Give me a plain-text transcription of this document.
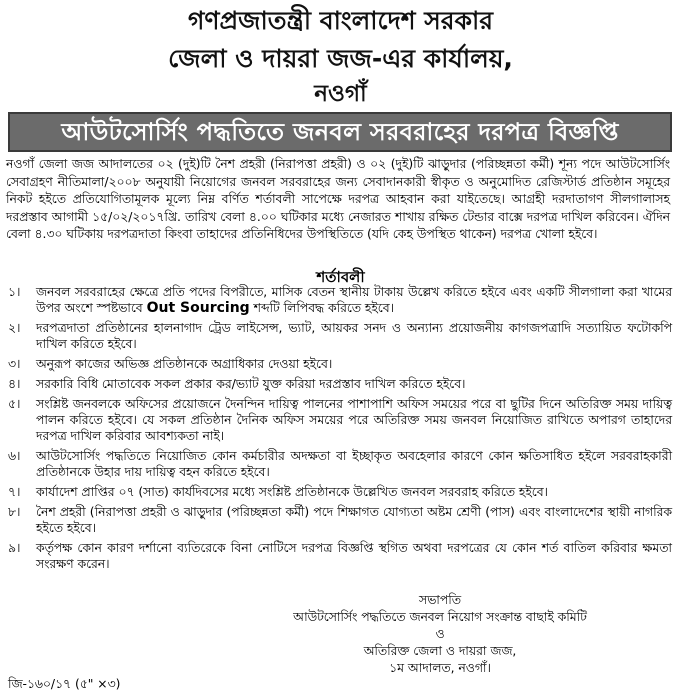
গণপ্রজাতন্ত্রী বাংলাদেশ সরকার
জেলা ও দায়রা জজ-এর কার্যালয়,
নওগাঁ
আউটসোর্সিং পদ্ধতিতে জনবল সরবরাহের দরপত্র বিজ্ঞপ্তি
নওগাঁ জেলা জজ আদালতের ০২ (দুই)টি নৈশ প্রহরী (নিরাপত্তা প্রহরী) ও ০২ (দুই)টি ঝাড়ুদার (পরিচ্ছন্নতা কর্মী) শূন্য পদে আউটসোর্সিং সেবাগ্রহণ নীতিমালা/২০০৮ অনুযায়ী নিয়োগের জনবল সরবরাহের জন্য সেবাদানকারী স্বীকৃত ও অনুমোদিত রেজিস্টার্ড প্রতিষ্ঠান সমূহের নিকট হইতে প্রতিযোগিতামূলক মূল্যে নিম্ন বর্ণিত শর্তাবলী সাপেক্ষে দরপত্র আহবান করা যাইতেছে। আগ্রহী দরদাতাগণ সীলগালাসহ দরপ্রস্তাব আগামী ১৫/০২/২০১৭খ্রি. তারিখ বেলা ৪.০০ ঘটিকার মধ্যে নেজারত শাখায় রক্ষিত টেন্ডার বাক্সে দরপত্র দাখিল করিবেন। ঐদিন বেলা ৪.৩০ ঘটিকায় দরপত্রদাতা কিংবা তাহাদের প্রতিনিধিদের উপস্থিতিতে (যদি কেহ উপস্থিত থাকেন) দরপত্র খোলা হইবে।
শর্তাবলী
১।	জনবল সরবরাহের ক্ষেত্রে প্রতি পদের বিপরীতে, মাসিক বেতন স্থানীয় টাকায় উল্লেখ করিতে হইবে এবং একটি সীলগালা করা খামের উপর অংশে স্পষ্টভাবে Out Sourcing শব্দটি লিপিবদ্ধ করিতে হইবে।
২।	দরপত্রদাতা প্রতিষ্ঠানের হালনাগাদ ট্রেড লাইসেন্স, ভ্যাট, আয়কর সনদ ও অন্যান্য প্রয়োজনীয় কাগজপত্রাদি সত্যায়িত ফটোকপি দাখিল করিতে হইবে।
৩।	অনুরূপ কাজের অভিজ্ঞ প্রতিষ্ঠানকে অগ্রাধিকার দেওয়া হইবে।
৪।	সরকারি বিধি মোতাবেক সকল প্রকার কর/ভ্যাট যুক্ত করিয়া দরপ্রস্তাব দাখিল করিতে হইবে।
৫।	সংশ্লিষ্ট জনবলকে অফিসের প্রয়োজনে দৈনন্দিন দায়িত্ব পালনের পাশাপাশি অফিস সময়ের পরে বা ছুটির দিনে অতিরিক্ত সময় দায়িত্ব পালন করিতে হইবে। যে সকল প্রতিষ্ঠান দৈনিক অফিস সময়ের পরে অতিরিক্ত সময় জনবল নিয়োজিত রাখিতে অপারগ তাহাদের দরপত্র দাখিল করিবার আবশ্যকতা নাই।
৬।	আউটসোর্সিং পদ্ধতিতে নিয়োজিত কোন কর্মচারীর অদক্ষতা বা ইচ্ছাকৃত অবহেলার কারণে কোন ক্ষতিসাধিত হইলে সরবরাহকারী প্রতিষ্ঠানকে উহার দায় দায়িত্ব বহন করিতে হইবে।
৭।	কার্যাদেশ প্রাপ্তির ০৭ (সাত) কার্যদিবসের মধ্যে সংশ্লিষ্ট প্রতিষ্ঠানকে উল্লেখিত জনবল সরবরাহ করিতে হইবে।
৮।	নৈশ প্রহরী (নিরাপত্তা প্রহরী ও ঝাড়ুদার (পরিচ্ছন্নতা কর্মী) পদে শিক্ষাগত যোগ্যতা অষ্টম শ্রেণী (পাস) এবং বাংলাদেশের স্থায়ী নাগরিক হইতে হইবে।
৯।	কর্তৃপক্ষ কোন কারণ দর্শানো ব্যতিরেকে বিনা নোটিসে দরপত্র বিজ্ঞপ্তি স্থগিত অথবা দরপত্রের যে কোন শর্ত বাতিল করিবার ক্ষমতা সংরক্ষণ করেন।
সভাপতি
আউটসোর্সিং পদ্ধতিতে জনবল নিয়োগ সংক্রান্ত বাছাই কমিটি
ও
অতিরিক্ত জেলা ও দায়রা জজ,
১ম আদালত, নওগাঁ।
জি-১৬০/১৭ (৫" ×৩)
